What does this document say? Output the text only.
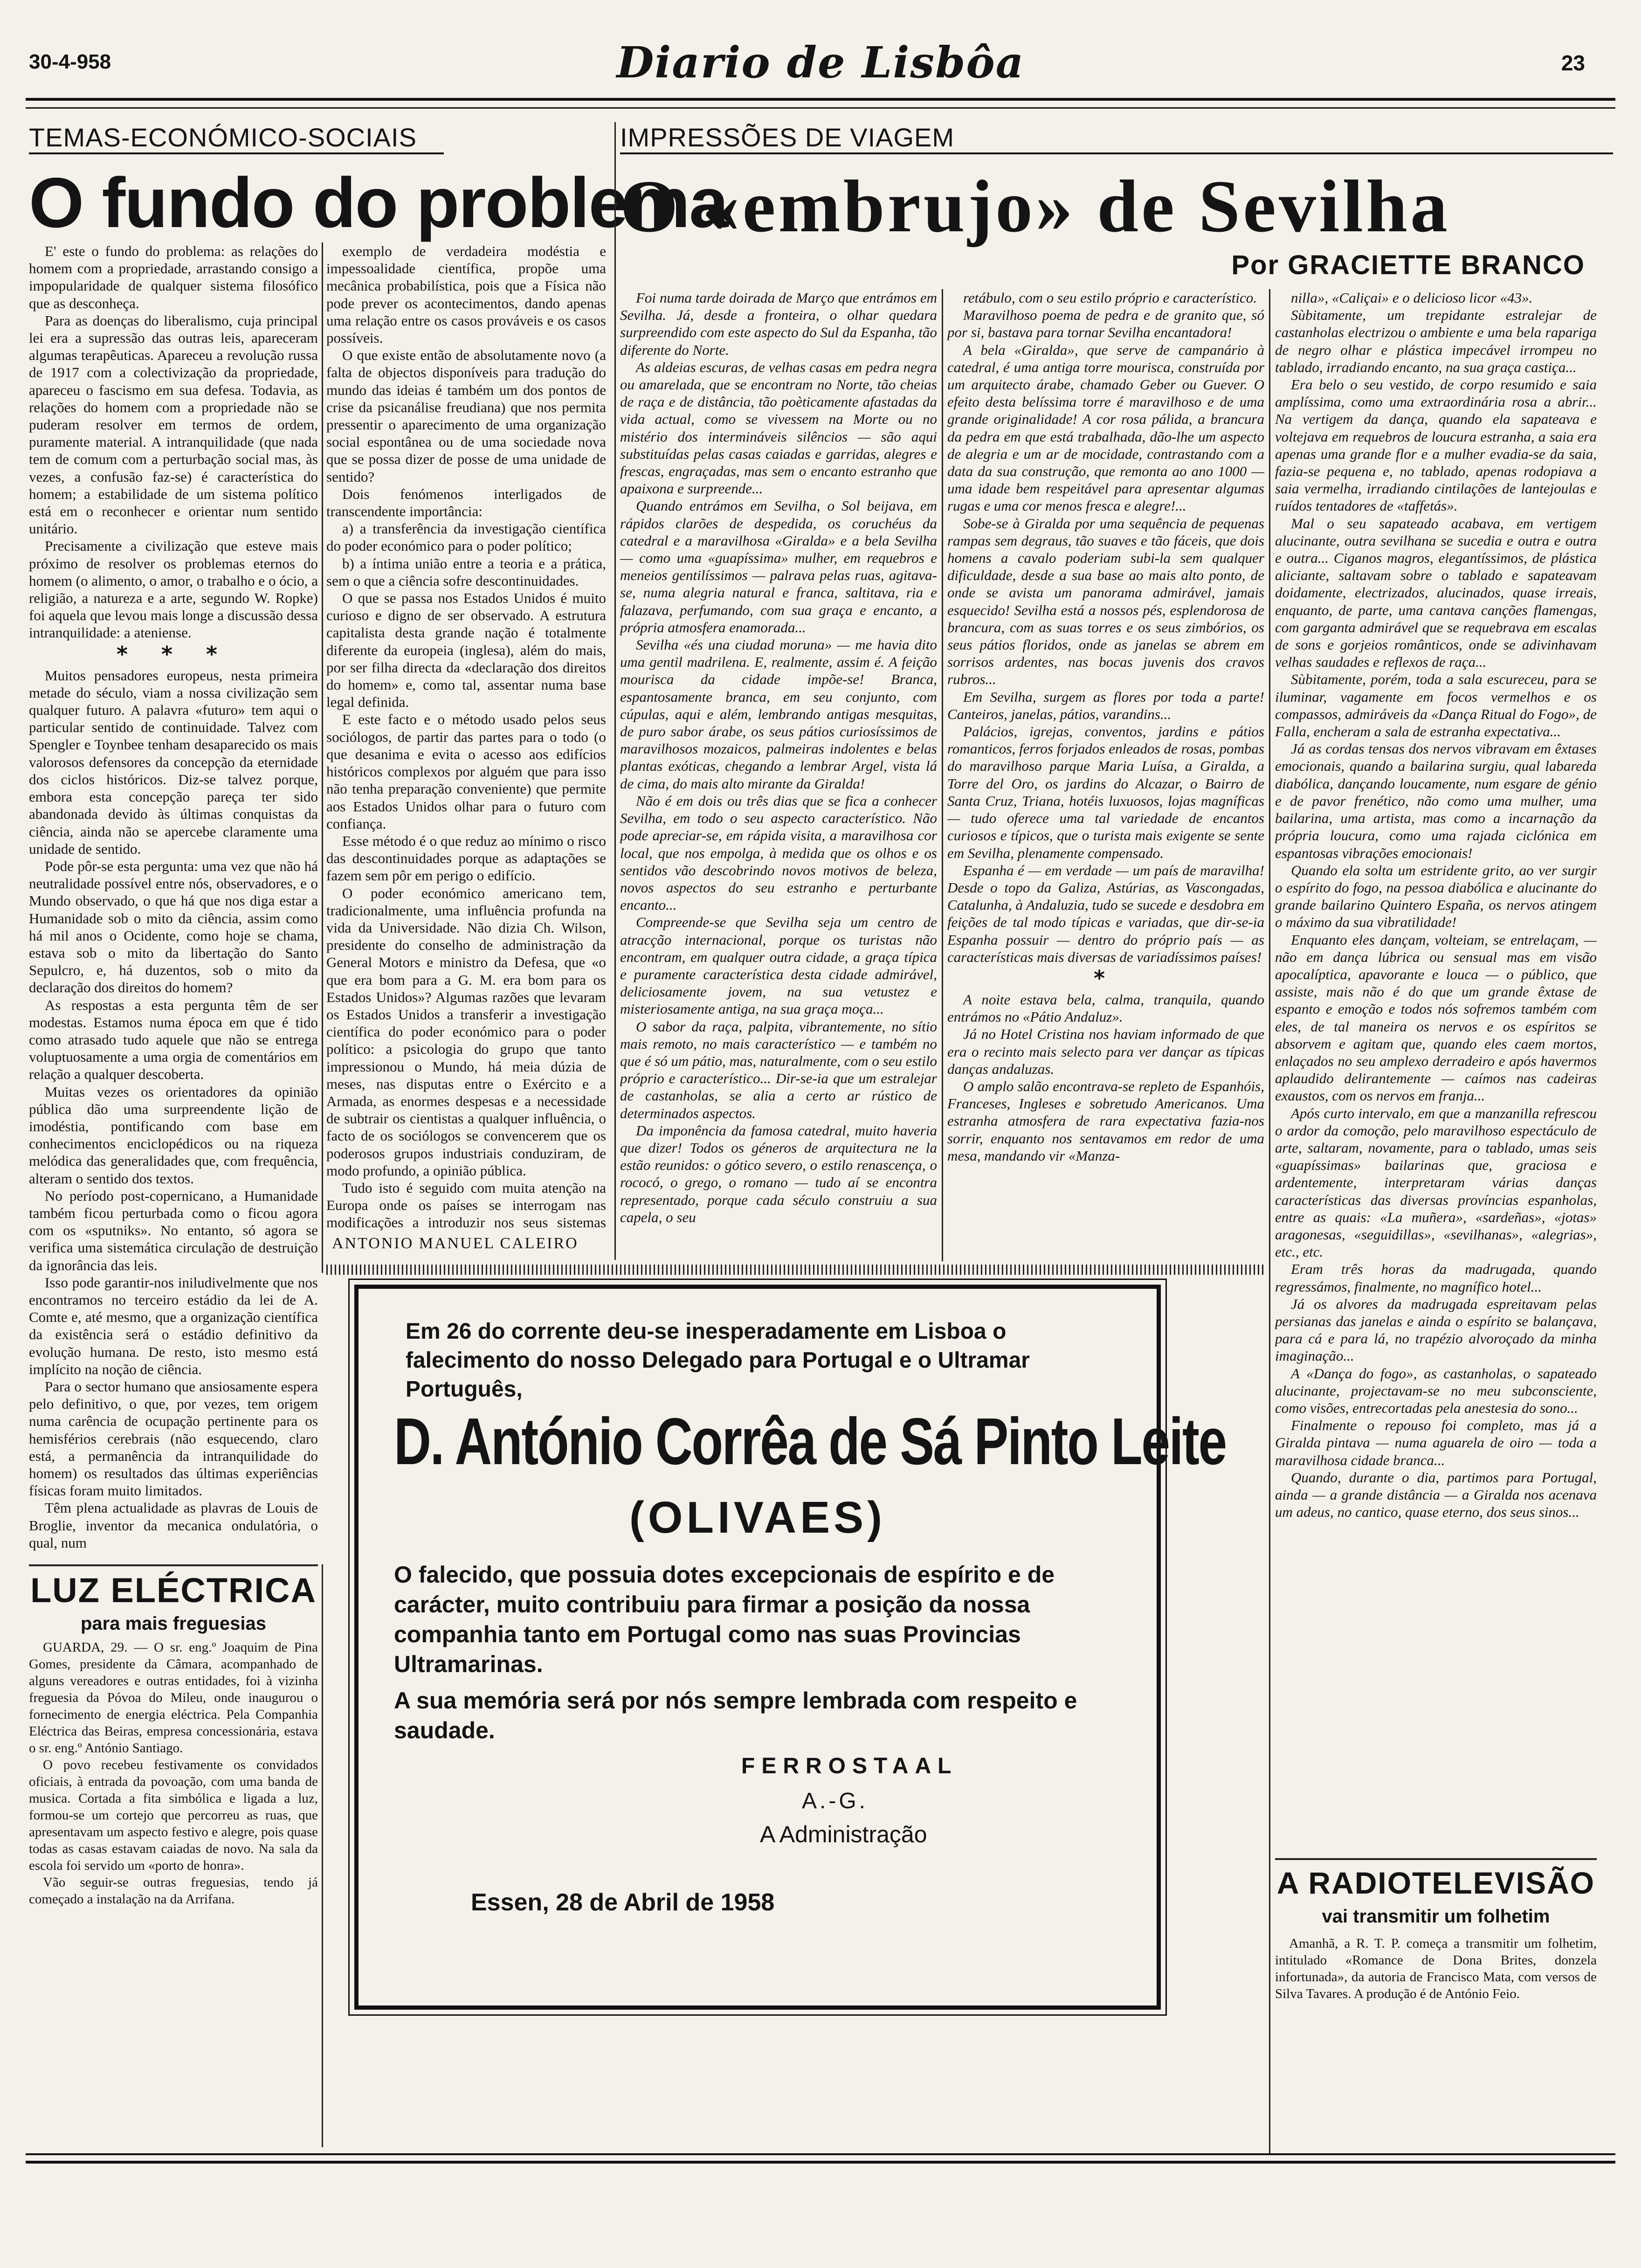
30-4-958	Diario de Lisbôa	23
TEMAS-ECONÓMICO-SOCIAIS
O fundo do problema
IMPRESSÕES DE VIAGEM
O «embrujo» de Sevilha
Por GRACIETTE BRANCO

E' este o fundo do problema: as relações do homem com a propriedade, arrastando consigo a impopularidade de qualquer sistema filosófico que as desconheça.

Para as doenças do liberalismo, cuja principal lei era a supressão das outras leis, apareceram algumas terapêuticas. Apareceu a revolução russa de 1917 com a colectivização da propriedade, apareceu o fascismo em sua defesa. Todavia, as relações do homem com a propriedade não se puderam resolver em termos de ordem, puramente material. A intranquilidade (que nada tem de comum com a perturbação social mas, às vezes, a confusão faz-se) é característica do homem; a estabilidade de um sistema político está em o reconhecer e orientar num sentido unitário.

Precisamente a civilização que esteve mais próximo de resolver os problemas eternos do homem (o alimento, o amor, o trabalho e o ócio, a religião, a natureza e a arte, segundo W. Ropke) foi aquela que levou mais longe a discussão dessa intranquilidade: a ateniense.

* * *

Muitos pensadores europeus, nesta primeira metade do século, viam a nossa civilização sem qualquer futuro. A palavra «futuro» tem aqui o particular sentido de continuidade. Talvez com Spengler e Toynbee tenham desaparecido os mais valorosos defensores da concepção da eternidade dos ciclos históricos. Diz-se talvez porque, embora esta concepção pareça ter sido abandonada devido às últimas conquistas da ciência, ainda não se apercebe claramente uma unidade de sentido.

Pode pôr-se esta pergunta: uma vez que não há neutralidade possível entre nós, observadores, e o Mundo observado, o que há que nos diga estar a Humanidade sob o mito da ciência, assim como há mil anos o Ocidente, como hoje se chama, estava sob o mito da libertação do Santo Sepulcro, e, há duzentos, sob o mito da declaração dos direitos do homem?

As respostas a esta pergunta têm de ser modestas. Estamos numa época em que é tido como atrasado tudo aquele que não se entrega voluptuosamente a uma orgia de comentários em relação a qualquer descoberta.

Muitas vezes os orientadores da opinião pública dão uma surpreendente lição de imodéstia, pontificando com base em conhecimentos enciclopédicos ou na riqueza melódica das generalidades que, com frequência, alteram o sentido dos textos.

No período post-copernicano, a Humanidade também ficou perturbada como o ficou agora com os «sputniks». No entanto, só agora se verifica uma sistemática circulação de destruição da ignorância das leis.

Isso pode garantir-nos iniludivelmente que nos encontramos no terceiro estádio da lei de A. Comte e, até mesmo, que a organização científica da existência será o estádio definitivo da evolução humana. De resto, isto mesmo está implícito na noção de ciência.

Para o sector humano que ansiosamente espera pelo definitivo, o que, por vezes, tem origem numa carência de ocupação pertinente para os hemisférios cerebrais (não esquecendo, claro está, a permanência da intranquilidade do homem) os resultados das últimas experiências físicas foram muito limitados.

Têm plena actualidade as plavras de Louis de Broglie, inventor da mecanica ondulatória, o qual, num

exemplo de verdadeira modéstia e impessoalidade científica, propõe uma mecânica probabilística, pois que a Física não pode prever os acontecimentos, dando apenas uma relação entre os casos prováveis e os casos possíveis.

O que existe então de absolutamente novo (a falta de objectos disponíveis para tradução do mundo das ideias é também um dos pontos de crise da psicanálise freudiana) que nos permita pressentir o aparecimento de uma organização social espontânea ou de uma sociedade nova que se possa dizer de posse de uma unidade de sentido?

Dois fenómenos interligados de transcendente importância:

a) a transferência da investigação científica do poder económico para o poder político;

b) a íntima união entre a teoria e a prática, sem o que a ciência sofre descontinuidades.

O que se passa nos Estados Unidos é muito curioso e digno de ser observado. A estrutura capitalista desta grande nação é totalmente diferente da europeia (inglesa), além do mais, por ser filha directa da «declaração dos direitos do homem» e, como tal, assentar numa base legal definida.

E este facto e o método usado pelos seus sociólogos, de partir das partes para o todo (o que desanima e evita o acesso aos edifícios históricos complexos por alguém que para isso não tenha preparação conveniente) que permite aos Estados Unidos olhar para o futuro com confiança.

Esse método é o que reduz ao mínimo o risco das descontinuidades porque as adaptações se fazem sem pôr em perigo o edifício.

O poder económico americano tem, tradicionalmente, uma influência profunda na vida da Universidade. Não dizia Ch. Wilson, presidente do conselho de administração da General Motors e ministro da Defesa, que «o que era bom para a G. M. era bom para os Estados Unidos»? Algumas razões que levaram os Estados Unidos a transferir a investigação científica do poder económico para o poder político: a psicologia do grupo que tanto impressionou o Mundo, há meia dúzia de meses, nas disputas entre o Exército e a Armada, as enormes despesas e a necessidade de subtrair os cientistas a qualquer influência, o facto de os sociólogos se convencerem que os poderosos grupos industriais conduziram, de modo profundo, a opinião pública.

Tudo isto é seguido com muita atenção na Europa onde os países se interrogam nas modificações a introduzir nos seus sistemas

ANTONIO MANUEL CALEIRO

Foi numa tarde doirada de Março que entrámos em Sevilha. Já, desde a fronteira, o olhar quedara surpreendido com este aspecto do Sul da Espanha, tão diferente do Norte.

As aldeias escuras, de velhas casas em pedra negra ou amarelada, que se encontram no Norte, tão cheias de raça e de distância, tão poèticamente afastadas da vida actual, como se vivessem na Morte ou no mistério dos intermináveis silêncios — são aqui substituídas pelas casas caiadas e garridas, alegres e frescas, engraçadas, mas sem o encanto estranho que apaixona e surpreende...

Quando entrámos em Sevilha, o Sol beijava, em rápidos clarões de despedida, os coruchéus da catedral e a maravilhosa «Giralda» e a bela Sevilha — como uma «guapíssima» mulher, em requebros e meneios gentilíssimos — palrava pelas ruas, agitava-se, numa alegria natural e franca, saltitava, ria e falazava, perfumando, com sua graça e encanto, a própria atmosfera enamorada...

Sevilha «és una ciudad moruna» — me havia dito uma gentil madrilena. E, realmente, assim é. A feição mourisca da cidade impõe-se! Branca, espantosamente branca, em seu conjunto, com cúpulas, aqui e além, lembrando antigas mesquitas, de puro sabor árabe, os seus pátios curiosíssimos de maravilhosos mozaicos, palmeiras indolentes e belas plantas exóticas, chegando a lembrar Argel, vista lá de cima, do mais alto mirante da Giralda!

Não é em dois ou três dias que se fica a conhecer Sevilha, em todo o seu aspecto característico. Não pode apreciar-se, em rápida visita, a maravilhosa cor local, que nos empolga, à medida que os olhos e os sentidos vão descobrindo novos motivos de beleza, novos aspectos do seu estranho e perturbante encanto...

Compreende-se que Sevilha seja um centro de atracção internacional, porque os turistas não encontram, em qualquer outra cidade, a graça típica e puramente característica desta cidade admirável, deliciosamente jovem, na sua vetustez e misteriosamente antiga, na sua graça moça...

O sabor da raça, palpita, vibrantemente, no sítio mais remoto, no mais característico — e também no que é só um pátio, mas, naturalmente, com o seu estilo próprio e característico... Dir-se-ia que um estralejar de castanholas, se alia a certo ar rústico de determinados aspectos.

Da imponência da famosa catedral, muito haveria que dizer! Todos os géneros de arquitectura ne la estão reunidos: o gótico severo, o estilo renascença, o rococó, o grego, o romano — tudo aí se encontra representado, porque cada século construiu a sua capela, o seu

retábulo, com o seu estilo próprio e característico.

Maravilhoso poema de pedra e de granito que, só por si, bastava para tornar Sevilha encantadora!

A bela «Giralda», que serve de campanário à catedral, é uma antiga torre mourisca, construída por um arquitecto árabe, chamado Geber ou Guever. O efeito desta belíssima torre é maravilhoso e de uma grande originalidade! A cor rosa pálida, a brancura da pedra em que está trabalhada, dão-lhe um aspecto de alegria e um ar de mocidade, contrastando com a data da sua construção, que remonta ao ano 1000 — uma idade bem respeitável para apresentar algumas rugas e uma cor menos fresca e alegre!...

Sobe-se à Giralda por uma sequência de pequenas rampas sem degraus, tão suaves e tão fáceis, que dois homens a cavalo poderiam subi-la sem qualquer dificuldade, desde a sua base ao mais alto ponto, de onde se avista um panorama admirável, jamais esquecido! Sevilha está a nossos pés, esplendorosa de brancura, com as suas torres e os seus zimbórios, os seus pátios floridos, onde as janelas se abrem em sorrisos ardentes, nas bocas juvenis dos cravos rubros...

Em Sevilha, surgem as flores por toda a parte! Canteiros, janelas, pátios, varandins...

Palácios, igrejas, conventos, jardins e pátios romanticos, ferros forjados enleados de rosas, pombas do maravilhoso parque Maria Luísa, a Giralda, a Torre del Oro, os jardins do Alcazar, o Bairro de Santa Cruz, Triana, hotéis luxuosos, lojas magníficas — tudo oferece uma tal variedade de encantos curiosos e típicos, que o turista mais exigente se sente em Sevilha, plenamente compensado.

Espanha é — em verdade — um país de maravilha! Desde o topo da Galiza, Astúrias, as Vascongadas, Catalunha, à Andaluzia, tudo se sucede e desdobra em feições de tal modo típicas e variadas, que dir-se-ia Espanha possuir — dentro do próprio país — as características mais diversas de variadíssimos países!

*

A noite estava bela, calma, tranquila, quando entrámos no «Pátio Andaluz».

Já no Hotel Cristina nos haviam informado de que era o recinto mais selecto para ver dançar as típicas danças andaluzas.

O amplo salão encontrava-se repleto de Espanhóis, Franceses, Ingleses e sobretudo Americanos. Uma estranha atmosfera de rara expectativa fazia-nos sorrir, enquanto nos sentavamos em redor de uma mesa, mandando vir «Manza-

nilla», «Caliçai» e o delicioso licor «43».

Sùbitamente, um trepidante estralejar de castanholas electrizou o ambiente e uma bela rapariga de negro olhar e plástica impecável irrompeu no tablado, irradiando encanto, na sua graça castiça...

Era belo o seu vestido, de corpo resumido e saia amplíssima, como uma extraordinária rosa a abrir... Na vertigem da dança, quando ela sapateava e voltejava em requebros de loucura estranha, a saia era apenas uma grande flor e a mulher evadia-se da saia, fazia-se pequena e, no tablado, apenas rodopiava a saia vermelha, irradiando cintilações de lantejoulas e ruídos tentadores de «taffetás».

Mal o seu sapateado acabava, em vertigem alucinante, outra sevilhana se sucedia e outra e outra e outra... Ciganos magros, elegantíssimos, de plástica aliciante, saltavam sobre o tablado e sapateavam doidamente, electrizados, alucinados, quase irreais, enquanto, de parte, uma cantava canções flamengas, com garganta admirável que se requebrava em escalas de sons e gorjeios românticos, onde se adivinhavam velhas saudades e reflexos de raça...

Sùbitamente, porém, toda a sala escureceu, para se iluminar, vagamente em focos vermelhos e os compassos, admiráveis da «Dança Ritual do Fogo», de Falla, encheram a sala de estranha expectativa...

Já as cordas tensas dos nervos vibravam em êxtases emocionais, quando a bailarina surgiu, qual labareda diabólica, dançando loucamente, num esgare de génio e de pavor frenético, não como uma mulher, uma bailarina, uma artista, mas como a incarnação da própria loucura, como uma rajada ciclónica em espantosas vibrações emocionais!

Quando ela solta um estridente grito, ao ver surgir o espírito do fogo, na pessoa diabólica e alucinante do grande bailarino Quintero España, os nervos atingem o máximo da sua vibratilidade!

Enquanto eles dançam, volteiam, se entrelaçam, — não em dança lúbrica ou sensual mas em visão apocalíptica, apavorante e louca — o público, que assiste, mais não é do que um grande êxtase de espanto e emoção e todos nós sofremos também com eles, de tal maneira os nervos e os espíritos se absorvem e agitam que, quando eles caem mortos, enlaçados no seu amplexo derradeiro e após havermos aplaudido delirantemente — caímos nas cadeiras exaustos, com os nervos em franja...

Após curto intervalo, em que a manzanilla refrescou o ardor da comoção, pelo maravilhoso espectáculo de arte, saltaram, novamente, para o tablado, umas seis «guapíssimas» bailarinas que, graciosa e ardentemente, interpretaram várias danças características das diversas províncias espanholas, entre as quais: «La muñera», «sardeñas», «jotas» aragonesas, «seguidillas», «sevilhanas», «alegrias», etc., etc.

Eram três horas da madrugada, quando regressámos, finalmente, no magnífico hotel...

Já os alvores da madrugada espreitavam pelas persianas das janelas e ainda o espírito se balançava, para cá e para lá, no trapézio alvoroçado da minha imaginação...

A «Dança do fogo», as castanholas, o sapateado alucinante, projectavam-se no meu subconsciente, como visões, entrecortadas pela anestesia do sono...

Finalmente o repouso foi completo, mas já a Giralda pintava — numa aguarela de oiro — toda a maravilhosa cidade branca...

Quando, durante o dia, partimos para Portugal, ainda — a grande distância — a Giralda nos acenava um adeus, no cantico, quase eterno, dos seus sinos...

LUZ ELÉCTRICA
para mais freguesias

GUARDA, 29. — O sr. eng.º Joaquim de Pina Gomes, presidente da Câmara, acompanhado de alguns vereadores e outras entidades, foi à vizinha freguesia da Póvoa do Mileu, onde inaugurou o fornecimento de energia eléctrica. Pela Companhia Eléctrica das Beiras, empresa concessionária, estava o sr. eng.º António Santiago.

O povo recebeu festivamente os convidados oficiais, à entrada da povoação, com uma banda de musica. Cortada a fita simbólica e ligada a luz, formou-se um cortejo que percorreu as ruas, que apresentavam um aspecto festivo e alegre, pois quase todas as casas estavam caiadas de novo. Na sala da escola foi servido um «porto de honra».

Vão seguir-se outras freguesias, tendo já começado a instalação na da Arrifana.	A RADIOTELEVISÃO
vai transmitir um folhetim

Amanhã, a R. T. P. começa a transmitir um folhetim, intitulado «Romance de Dona Brites, donzela infortunada», da autoria de Francisco Mata, com versos de Silva Tavares. A produção é de António Feio.

Em 26 do corrente deu-se inesperadamente em Lisboa o falecimento do nosso Delegado para Portugal e o Ultramar Português,
D. António Corrêa de Sá Pinto Leite
(OLIVAES)
O falecido, que possuia dotes excepcionais de espírito e de carácter, muito contribuiu para firmar a posição da nossa companhia tanto em Portugal como nas suas Provincias Ultramarinas.
A sua memória será por nós sempre lembrada com respeito e saudade.
FERROSTAAL
A.-G.
A Administração
Essen, 28 de Abril de 1958
